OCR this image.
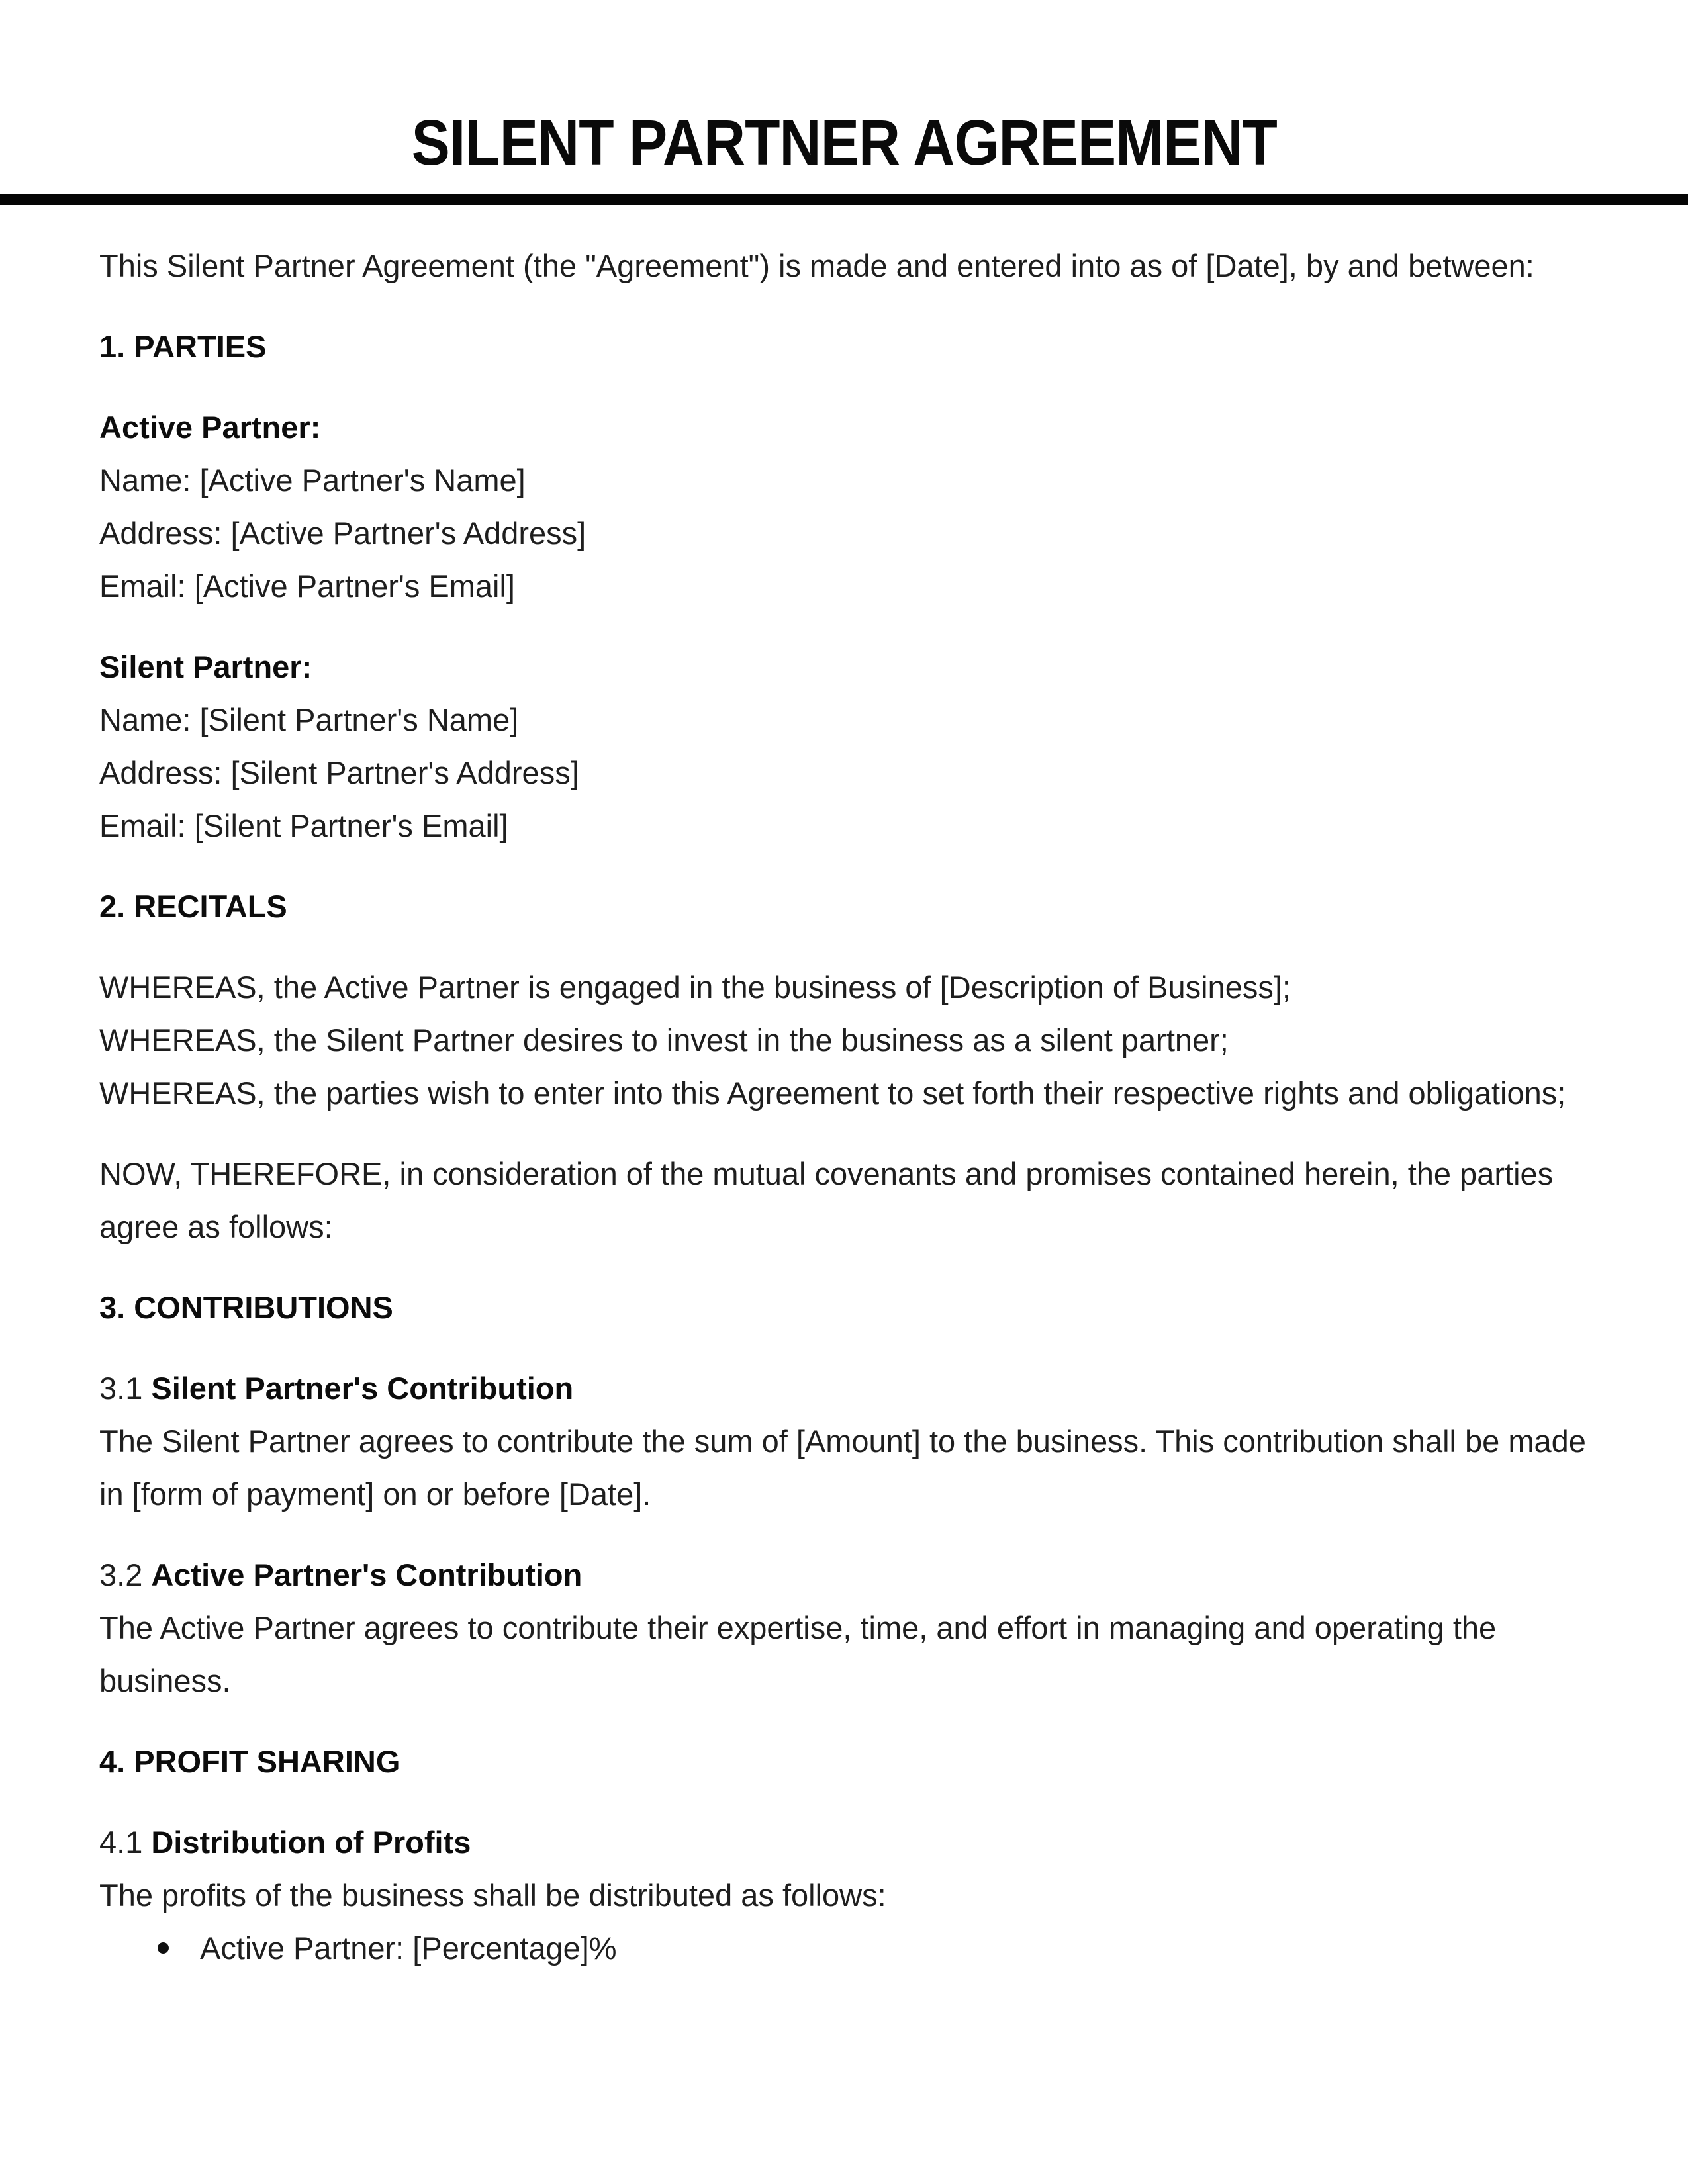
SILENT PARTNER AGREEMENT

This Silent Partner Agreement (the "Agreement") is made and entered into as of [Date], by and between:

1. PARTIES

Active Partner:
Name: [Active Partner's Name]
Address: [Active Partner's Address]
Email: [Active Partner's Email]
Silent Partner:
Name: [Silent Partner's Name]
Address: [Silent Partner's Address]
Email: [Silent Partner's Email]

2. RECITALS

WHEREAS, the Active Partner is engaged in the business of [Description of Business];
WHEREAS, the Silent Partner desires to invest in the business as a silent partner;
WHEREAS, the parties wish to enter into this Agreement to set forth their respective rights and obligations;

NOW, THEREFORE, in consideration of the mutual covenants and promises contained herein, the parties agree as follows:

3. CONTRIBUTIONS

3.1 Silent Partner's Contribution
The Silent Partner agrees to contribute the sum of [Amount] to the business. This contribution shall be made in [form of payment] on or before [Date].
3.2 Active Partner's Contribution
The Active Partner agrees to contribute their expertise, time, and effort in managing and operating the business.

4. PROFIT SHARING

4.1 Distribution of Profits
The profits of the business shall be distributed as follows:
Active Partner: [Percentage]%
